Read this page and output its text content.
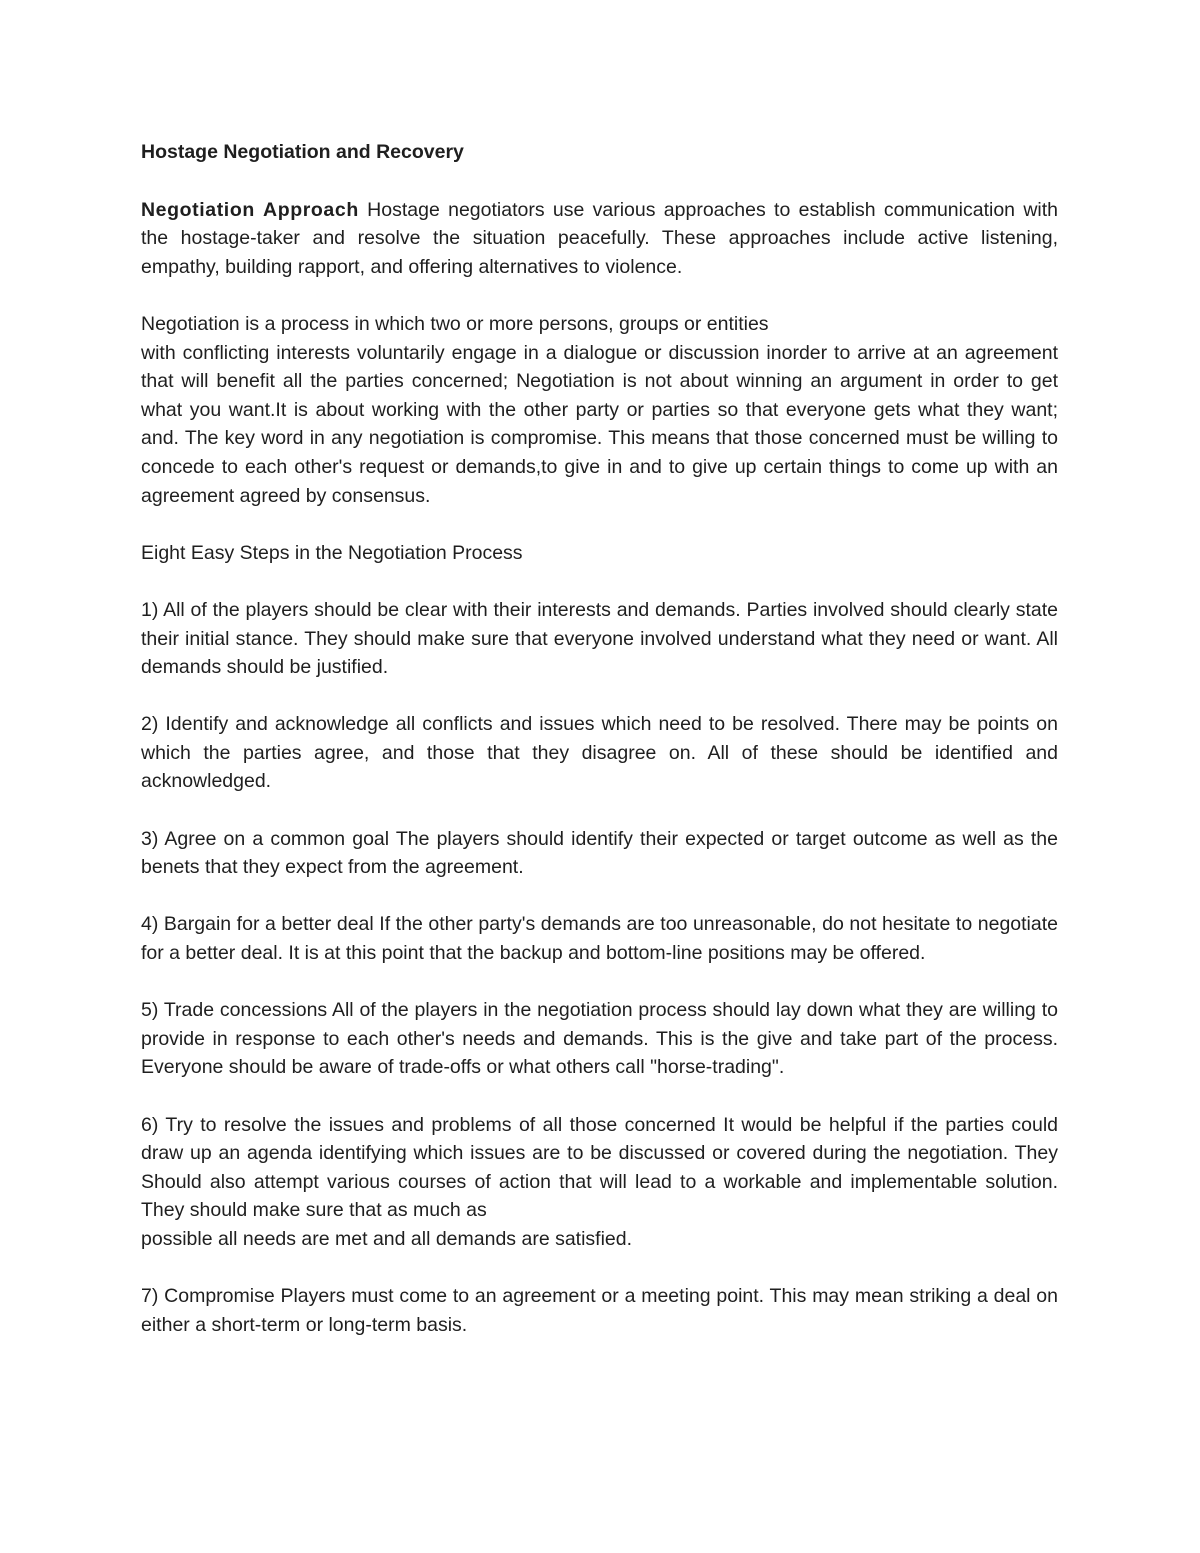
Hostage Negotiation and Recovery

Negotiation Approach Hostage negotiators use various approaches to establish communication with the hostage-taker and resolve the situation peacefully. These approaches include active listening, empathy, building rapport, and offering alternatives to violence.

Negotiation is a process in which two or more persons, groups or entities
with conflicting interests voluntarily engage in a dialogue or discussion inorder to arrive at an agreement that will benefit all the parties concerned; Negotiation is not about winning an argument in order to get what you want.It is about working with the other party or parties so that everyone gets what they want; and. The key word in any negotiation is compromise. This means that those concerned must be willing to concede to each other's request or demands,to give in and to give up certain things to come up with an agreement agreed by consensus.

Eight Easy Steps in the Negotiation Process

1) All of the players should be clear with their interests and demands. Parties involved should clearly state their initial stance. They should make sure that everyone involved understand what they need or want. All demands should be justified.

2) Identify and acknowledge all conflicts and issues which need to be resolved. There may be points on which the parties agree, and those that they disagree on. All of these should be identified and acknowledged.

3) Agree on a common goal The players should identify their expected or target outcome as well as the benets that they expect from the agreement.

4) Bargain for a better deal If the other party's demands are too unreasonable, do not hesitate to negotiate for a better deal. It is at this point that the backup and bottom-line positions may be offered.

5) Trade concessions All of the players in the negotiation process should lay down what they are willing to provide in response to each other's needs and demands. This is the give and take part of the process. Everyone should be aware of trade-offs or what others call "horse-trading".

6) Try to resolve the issues and problems of all those concerned It would be helpful if the parties could draw up an agenda identifying which issues are to be discussed or covered during the negotiation. They Should also attempt various courses of action that will lead to a workable and implementable solution. They should make sure that as much as
possible all needs are met and all demands are satisfied.

7) Compromise Players must come to an agreement or a meeting point. This may mean striking a deal on either a short-term or long-term basis.
